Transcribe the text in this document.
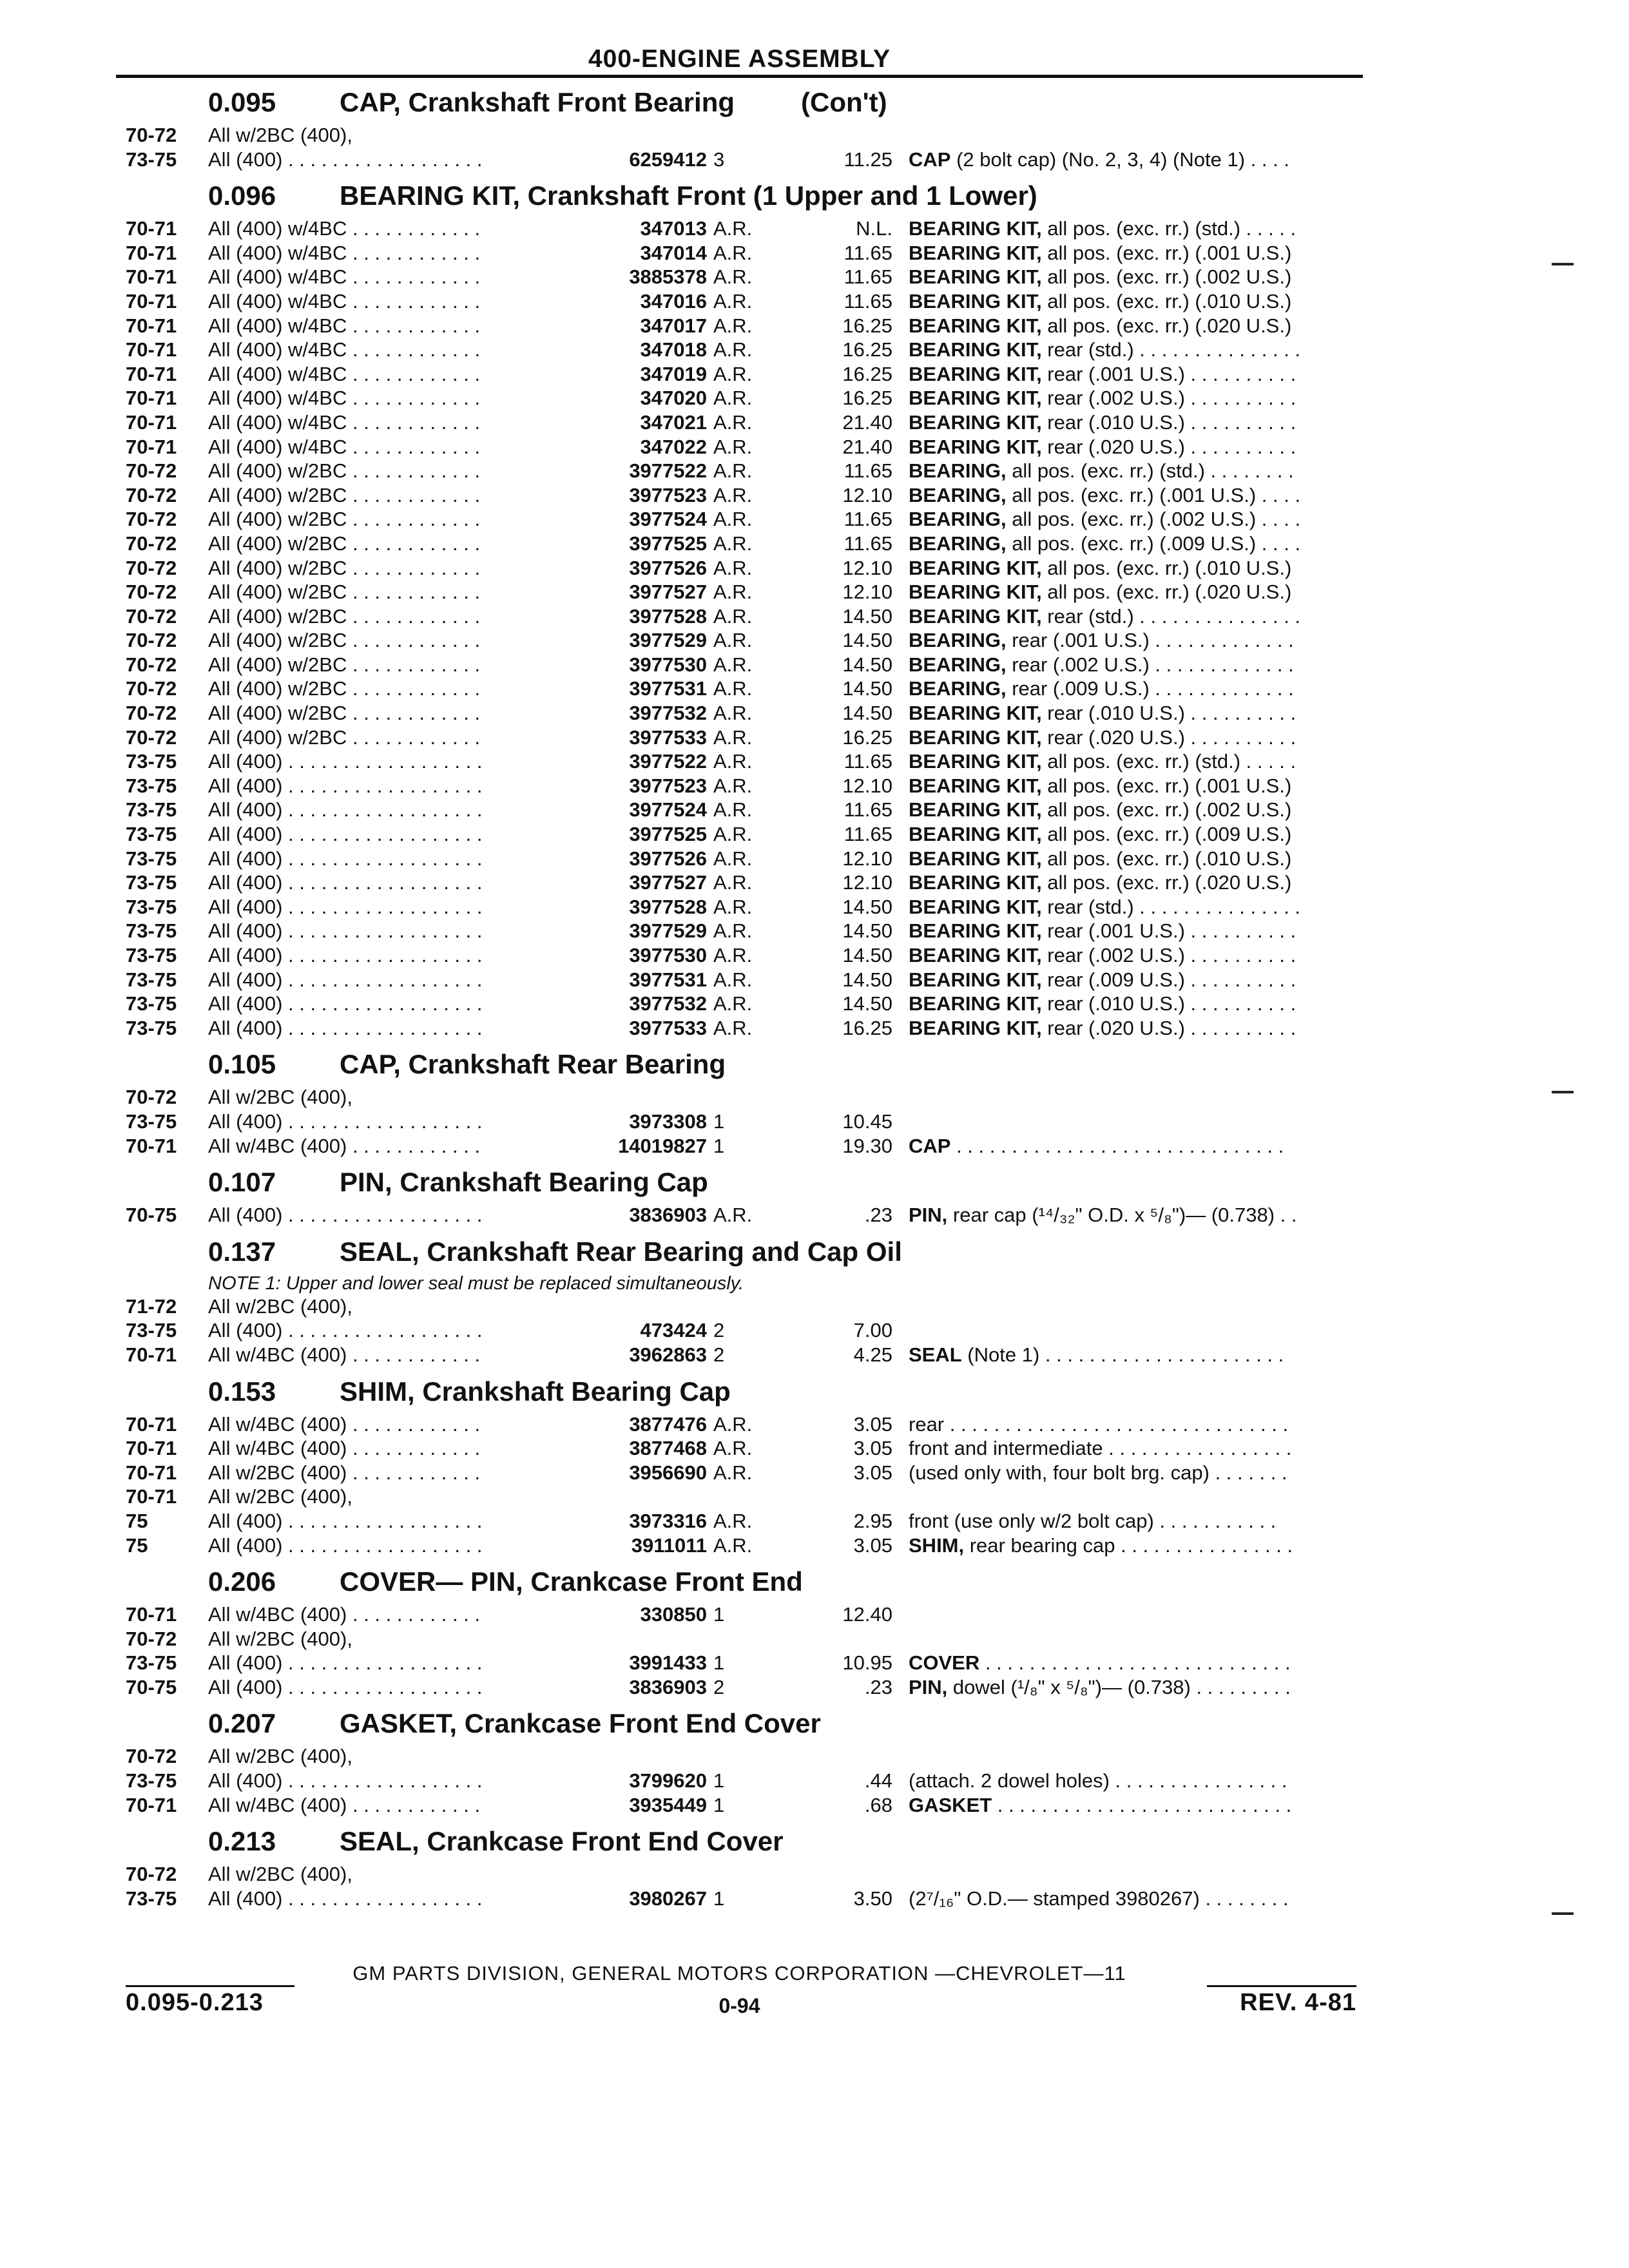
400-ENGINE ASSEMBLY
0.095 CAP, Crankshaft Front Bearing (Con't)
70-72 All w/2BC (400),
73-75 All (400) . . . . . . . . . . . . . . . . . .	6259412 3	11.25 CAP (2 bolt cap) (No. 2, 3, 4) (Note 1) . . . .
0.096 BEARING KIT, Crankshaft Front (1 Upper and 1 Lower)
70-71 All (400) w/4BC . . . . . . . . . . . .	347013 A.R.	N.L. BEARING KIT, all pos. (exc. rr.) (std.) . . . . .
70-71 All (400) w/4BC . . . . . . . . . . . .	347014 A.R.	11.65 BEARING KIT, all pos. (exc. rr.) (.001 U.S.)
70-71 All (400) w/4BC . . . . . . . . . . . .	3885378 A.R.	11.65 BEARING KIT, all pos. (exc. rr.) (.002 U.S.)
70-71 All (400) w/4BC . . . . . . . . . . . .	347016 A.R.	11.65 BEARING KIT, all pos. (exc. rr.) (.010 U.S.)
70-71 All (400) w/4BC . . . . . . . . . . . .	347017 A.R.	16.25 BEARING KIT, all pos. (exc. rr.) (.020 U.S.)
70-71 All (400) w/4BC . . . . . . . . . . . .	347018 A.R.	16.25 BEARING KIT, rear (std.) . . . . . . . . . . . . . . .
70-71 All (400) w/4BC . . . . . . . . . . . .	347019 A.R.	16.25 BEARING KIT, rear (.001 U.S.) . . . . . . . . . .
70-71 All (400) w/4BC . . . . . . . . . . . .	347020 A.R.	16.25 BEARING KIT, rear (.002 U.S.) . . . . . . . . . .
70-71 All (400) w/4BC . . . . . . . . . . . .	347021 A.R.	21.40 BEARING KIT, rear (.010 U.S.) . . . . . . . . . .
70-71 All (400) w/4BC . . . . . . . . . . . .	347022 A.R.	21.40 BEARING KIT, rear (.020 U.S.) . . . . . . . . . .
70-72 All (400) w/2BC . . . . . . . . . . . .	3977522 A.R.	11.65 BEARING, all pos. (exc. rr.) (std.) . . . . . . . .
70-72 All (400) w/2BC . . . . . . . . . . . .	3977523 A.R.	12.10 BEARING, all pos. (exc. rr.) (.001 U.S.) . . . .
70-72 All (400) w/2BC . . . . . . . . . . . .	3977524 A.R.	11.65 BEARING, all pos. (exc. rr.) (.002 U.S.) . . . .
70-72 All (400) w/2BC . . . . . . . . . . . .	3977525 A.R.	11.65 BEARING, all pos. (exc. rr.) (.009 U.S.) . . . .
70-72 All (400) w/2BC . . . . . . . . . . . .	3977526 A.R.	12.10 BEARING KIT, all pos. (exc. rr.) (.010 U.S.)
70-72 All (400) w/2BC . . . . . . . . . . . .	3977527 A.R.	12.10 BEARING KIT, all pos. (exc. rr.) (.020 U.S.)
70-72 All (400) w/2BC . . . . . . . . . . . .	3977528 A.R.	14.50 BEARING KIT, rear (std.) . . . . . . . . . . . . . . .
70-72 All (400) w/2BC . . . . . . . . . . . .	3977529 A.R.	14.50 BEARING, rear (.001 U.S.) . . . . . . . . . . . . .
70-72 All (400) w/2BC . . . . . . . . . . . .	3977530 A.R.	14.50 BEARING, rear (.002 U.S.) . . . . . . . . . . . . .
70-72 All (400) w/2BC . . . . . . . . . . . .	3977531 A.R.	14.50 BEARING, rear (.009 U.S.) . . . . . . . . . . . . .
70-72 All (400) w/2BC . . . . . . . . . . . .	3977532 A.R.	14.50 BEARING KIT, rear (.010 U.S.) . . . . . . . . . .
70-72 All (400) w/2BC . . . . . . . . . . . .	3977533 A.R.	16.25 BEARING KIT, rear (.020 U.S.) . . . . . . . . . .
73-75 All (400) . . . . . . . . . . . . . . . . . .	3977522 A.R.	11.65 BEARING KIT, all pos. (exc. rr.) (std.) . . . . .
73-75 All (400) . . . . . . . . . . . . . . . . . .	3977523 A.R.	12.10 BEARING KIT, all pos. (exc. rr.) (.001 U.S.)
73-75 All (400) . . . . . . . . . . . . . . . . . .	3977524 A.R.	11.65 BEARING KIT, all pos. (exc. rr.) (.002 U.S.)
73-75 All (400) . . . . . . . . . . . . . . . . . .	3977525 A.R.	11.65 BEARING KIT, all pos. (exc. rr.) (.009 U.S.)
73-75 All (400) . . . . . . . . . . . . . . . . . .	3977526 A.R.	12.10 BEARING KIT, all pos. (exc. rr.) (.010 U.S.)
73-75 All (400) . . . . . . . . . . . . . . . . . .	3977527 A.R.	12.10 BEARING KIT, all pos. (exc. rr.) (.020 U.S.)
73-75 All (400) . . . . . . . . . . . . . . . . . .	3977528 A.R.	14.50 BEARING KIT, rear (std.) . . . . . . . . . . . . . . .
73-75 All (400) . . . . . . . . . . . . . . . . . .	3977529 A.R.	14.50 BEARING KIT, rear (.001 U.S.) . . . . . . . . . .
73-75 All (400) . . . . . . . . . . . . . . . . . .	3977530 A.R.	14.50 BEARING KIT, rear (.002 U.S.) . . . . . . . . . .
73-75 All (400) . . . . . . . . . . . . . . . . . .	3977531 A.R.	14.50 BEARING KIT, rear (.009 U.S.) . . . . . . . . . .
73-75 All (400) . . . . . . . . . . . . . . . . . .	3977532 A.R.	14.50 BEARING KIT, rear (.010 U.S.) . . . . . . . . . .
73-75 All (400) . . . . . . . . . . . . . . . . . .	3977533 A.R.	16.25 BEARING KIT, rear (.020 U.S.) . . . . . . . . . .
0.105 CAP, Crankshaft Rear Bearing
70-72 All w/2BC (400),
73-75 All (400) . . . . . . . . . . . . . . . . . .	3973308 1	10.45
70-71 All w/4BC (400) . . . . . . . . . . . .	14019827 1	19.30 CAP . . . . . . . . . . . . . . . . . . . . . . . . . . . . . .
0.107 PIN, Crankshaft Bearing Cap
70-75 All (400) . . . . . . . . . . . . . . . . . .	3836903 A.R.	.23 PIN, rear cap (¹⁴/₃₂" O.D. x ⁵/₈")— (0.738) . .
0.137 SEAL, Crankshaft Rear Bearing and Cap Oil
NOTE 1: Upper and lower seal must be replaced simultaneously.
71-72 All w/2BC (400),
73-75 All (400) . . . . . . . . . . . . . . . . . .	473424 2	7.00
70-71 All w/4BC (400) . . . . . . . . . . . .	3962863 2	4.25 SEAL (Note 1) . . . . . . . . . . . . . . . . . . . . . .
0.153 SHIM, Crankshaft Bearing Cap
70-71 All w/4BC (400) . . . . . . . . . . . .	3877476 A.R.	3.05 rear . . . . . . . . . . . . . . . . . . . . . . . . . . . . . . .
70-71 All w/4BC (400) . . . . . . . . . . . .	3877468 A.R.	3.05 front and intermediate . . . . . . . . . . . . . . . . .
70-71 All w/2BC (400) . . . . . . . . . . . .	3956690 A.R.	3.05 (used only with, four bolt brg. cap) . . . . . . .
70-71 All w/2BC (400),
75	All (400) . . . . . . . . . . . . . . . . . .	3973316 A.R.	2.95 front (use only w/2 bolt cap) . . . . . . . . . . .
75	All (400) . . . . . . . . . . . . . . . . . .	3911011 A.R.	3.05 SHIM, rear bearing cap . . . . . . . . . . . . . . . .
0.206 COVER— PIN, Crankcase Front End
70-71 All w/4BC (400) . . . . . . . . . . . .	330850 1	12.40
70-72 All w/2BC (400),
73-75 All (400) . . . . . . . . . . . . . . . . . .	3991433 1	10.95 COVER . . . . . . . . . . . . . . . . . . . . . . . . . . . .
70-75 All (400) . . . . . . . . . . . . . . . . . .	3836903 2	.23 PIN, dowel (¹/₈" x ⁵/₈")— (0.738) . . . . . . . . .
0.207 GASKET, Crankcase Front End Cover
70-72 All w/2BC (400),
73-75 All (400) . . . . . . . . . . . . . . . . . .	3799620 1	.44 (attach. 2 dowel holes) . . . . . . . . . . . . . . . .
70-71 All w/4BC (400) . . . . . . . . . . . .	3935449 1	.68 GASKET . . . . . . . . . . . . . . . . . . . . . . . . . . .
0.213 SEAL, Crankcase Front End Cover
70-72 All w/2BC (400),
73-75 All (400) . . . . . . . . . . . . . . . . . .	3980267 1	3.50 (2⁷/₁₆" O.D.— stamped 3980267) . . . . . . . .
GM PARTS DIVISION, GENERAL MOTORS CORPORATION —CHEVROLET—11
0.095-0.213	0-94	REV. 4-81
